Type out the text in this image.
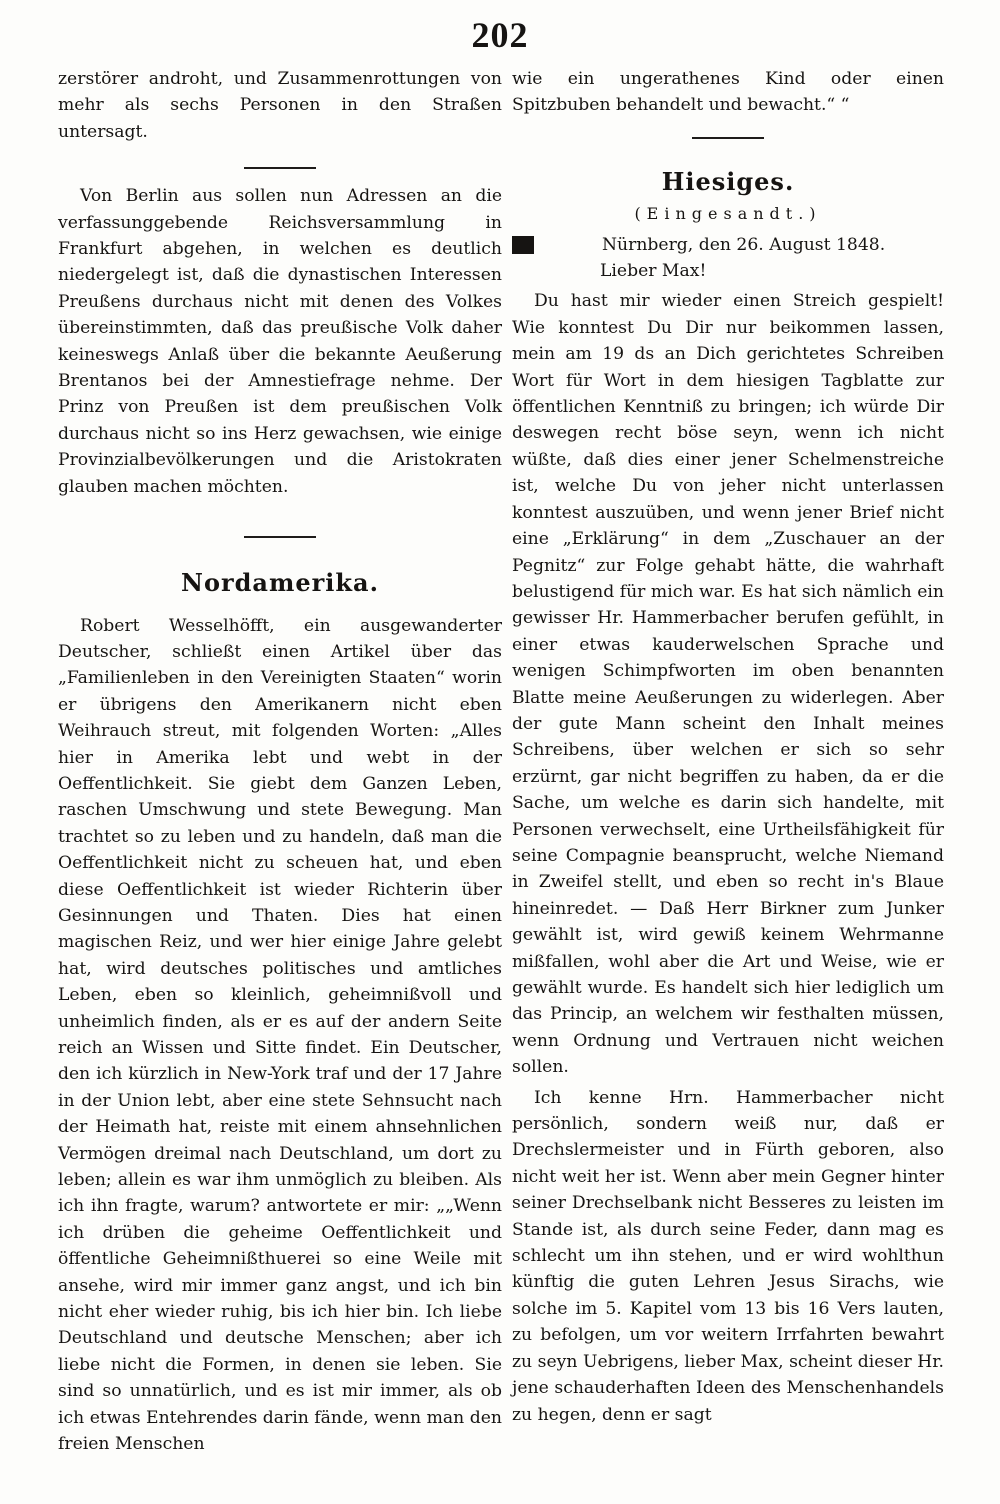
202

zerstörer androht, und Zusammenrottungen von mehr als sechs Personen in den Straßen untersagt.

Von Berlin aus sollen nun Adressen an die verfassunggebende Reichsversammlung in Frankfurt abgehen, in welchen es deutlich niedergelegt ist, daß die dynastischen Interessen Preußens durchaus nicht mit denen des Volkes übereinstimmten, daß das preußische Volk daher keineswegs Anlaß über die bekannte Aeußerung Brentanos bei der Amnestiefrage nehme. Der Prinz von Preußen ist dem preußischen Volk durchaus nicht so ins Herz gewachsen, wie einige Provinzialbevölkerungen und die Aristokraten glauben machen möchten.

Nordamerika.

Robert Wesselhöfft, ein ausgewanderter Deutscher, schließt einen Artikel über das „Familienleben in den Vereinigten Staaten“ worin er übrigens den Amerikanern nicht eben Weihrauch streut, mit folgenden Worten: „Alles hier in Amerika lebt und webt in der Oeffentlichkeit. Sie giebt dem Ganzen Leben, raschen Umschwung und stete Bewegung. Man trachtet so zu leben und zu handeln, daß man die Oeffentlichkeit nicht zu scheuen hat, und eben diese Oeffentlichkeit ist wieder Richterin über Gesinnungen und Thaten. Dies hat einen magischen Reiz, und wer hier einige Jahre gelebt hat, wird deutsches politisches und amtliches Leben, eben so kleinlich, geheimnißvoll und unheimlich finden, als er es auf der andern Seite reich an Wissen und Sitte findet. Ein Deutscher, den ich kürzlich in New-York traf und der 17 Jahre in der Union lebt, aber eine stete Sehnsucht nach der Heimath hat, reiste mit einem ahnsehnlichen Vermögen dreimal nach Deutschland, um dort zu leben; allein es war ihm unmöglich zu bleiben. Als ich ihn fragte, warum? antwortete er mir: „„Wenn ich drüben die geheime Oeffentlichkeit und öffentliche Geheimnißthuerei so eine Weile mit ansehe, wird mir immer ganz angst, und ich bin nicht eher wieder ruhig, bis ich hier bin. Ich liebe Deutschland und deutsche Menschen; aber ich liebe nicht die Formen, in denen sie leben. Sie sind so unnatürlich, und es ist mir immer, als ob ich etwas Entehrendes darin fände, wenn man den freien Menschen

wie ein ungerathenes Kind oder einen Spitzbuben behandelt und bewacht.“ “

Hiesiges.
(Eingesandt.)
Nürnberg, den 26. August 1848.
Lieber Max!

Du hast mir wieder einen Streich gespielt! Wie konntest Du Dir nur beikommen lassen, mein am 19 ds an Dich gerichtetes Schreiben Wort für Wort in dem hiesigen Tagblatte zur öffentlichen Kenntniß zu bringen; ich würde Dir deswegen recht böse seyn, wenn ich nicht wüßte, daß dies einer jener Schelmenstreiche ist, welche Du von jeher nicht unterlassen konntest auszuüben, und wenn jener Brief nicht eine „Erklärung“ in dem „Zuschauer an der Pegnitz“ zur Folge gehabt hätte, die wahrhaft belustigend für mich war. Es hat sich nämlich ein gewisser Hr. Hammerbacher berufen gefühlt, in einer etwas kauderwelschen Sprache und wenigen Schimpfworten im oben benannten Blatte meine Aeußerungen zu widerlegen. Aber der gute Mann scheint den Inhalt meines Schreibens, über welchen er sich so sehr erzürnt, gar nicht begriffen zu haben, da er die Sache, um welche es darin sich handelte, mit Personen verwechselt, eine Urtheilsfähigkeit für seine Compagnie beansprucht, welche Niemand in Zweifel stellt, und eben so recht in's Blaue hineinredet. — Daß Herr Birkner zum Junker gewählt ist, wird gewiß keinem Wehrmanne mißfallen, wohl aber die Art und Weise, wie er gewählt wurde. Es handelt sich hier lediglich um das Princip, an welchem wir festhalten müssen, wenn Ordnung und Vertrauen nicht weichen sollen.

Ich kenne Hrn. Hammerbacher nicht persönlich, sondern weiß nur, daß er Drechslermeister und in Fürth geboren, also nicht weit her ist. Wenn aber mein Gegner hinter seiner Drechselbank nicht Besseres zu leisten im Stande ist, als durch seine Feder, dann mag es schlecht um ihn stehen, und er wird wohlthun künftig die guten Lehren Jesus Sirachs, wie solche im 5. Kapitel vom 13 bis 16 Vers lauten, zu befolgen, um vor weitern Irrfahrten bewahrt zu seyn Uebrigens, lieber Max, scheint dieser Hr. jene schauderhaften Ideen des Menschenhandels zu hegen, denn er sagt
